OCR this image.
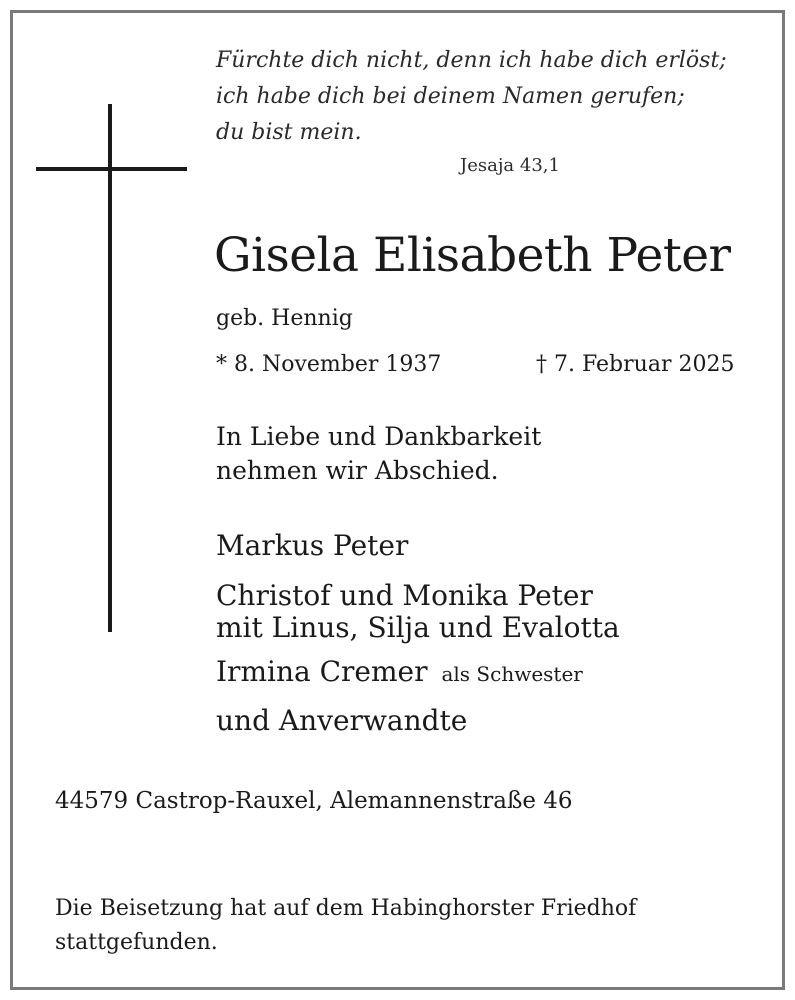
Fürchte dich nicht, denn ich habe dich erlöst;
ich habe dich bei deinem Namen gerufen;
du bist mein.
Jesaja 43,1
Gisela Elisabeth Peter
geb. Hennig
* 8. November 1937	† 7. Februar 2025
In Liebe und Dankbarkeit
nehmen wir Abschied.
Markus Peter
Christof und Monika Peter
mit Linus, Silja und Evalotta
Irmina Cremer als Schwester
und Anverwandte
44579 Castrop-Rauxel, Alemannenstraße 46
Die Beisetzung hat auf dem Habinghorster Friedhof
stattgefunden.
